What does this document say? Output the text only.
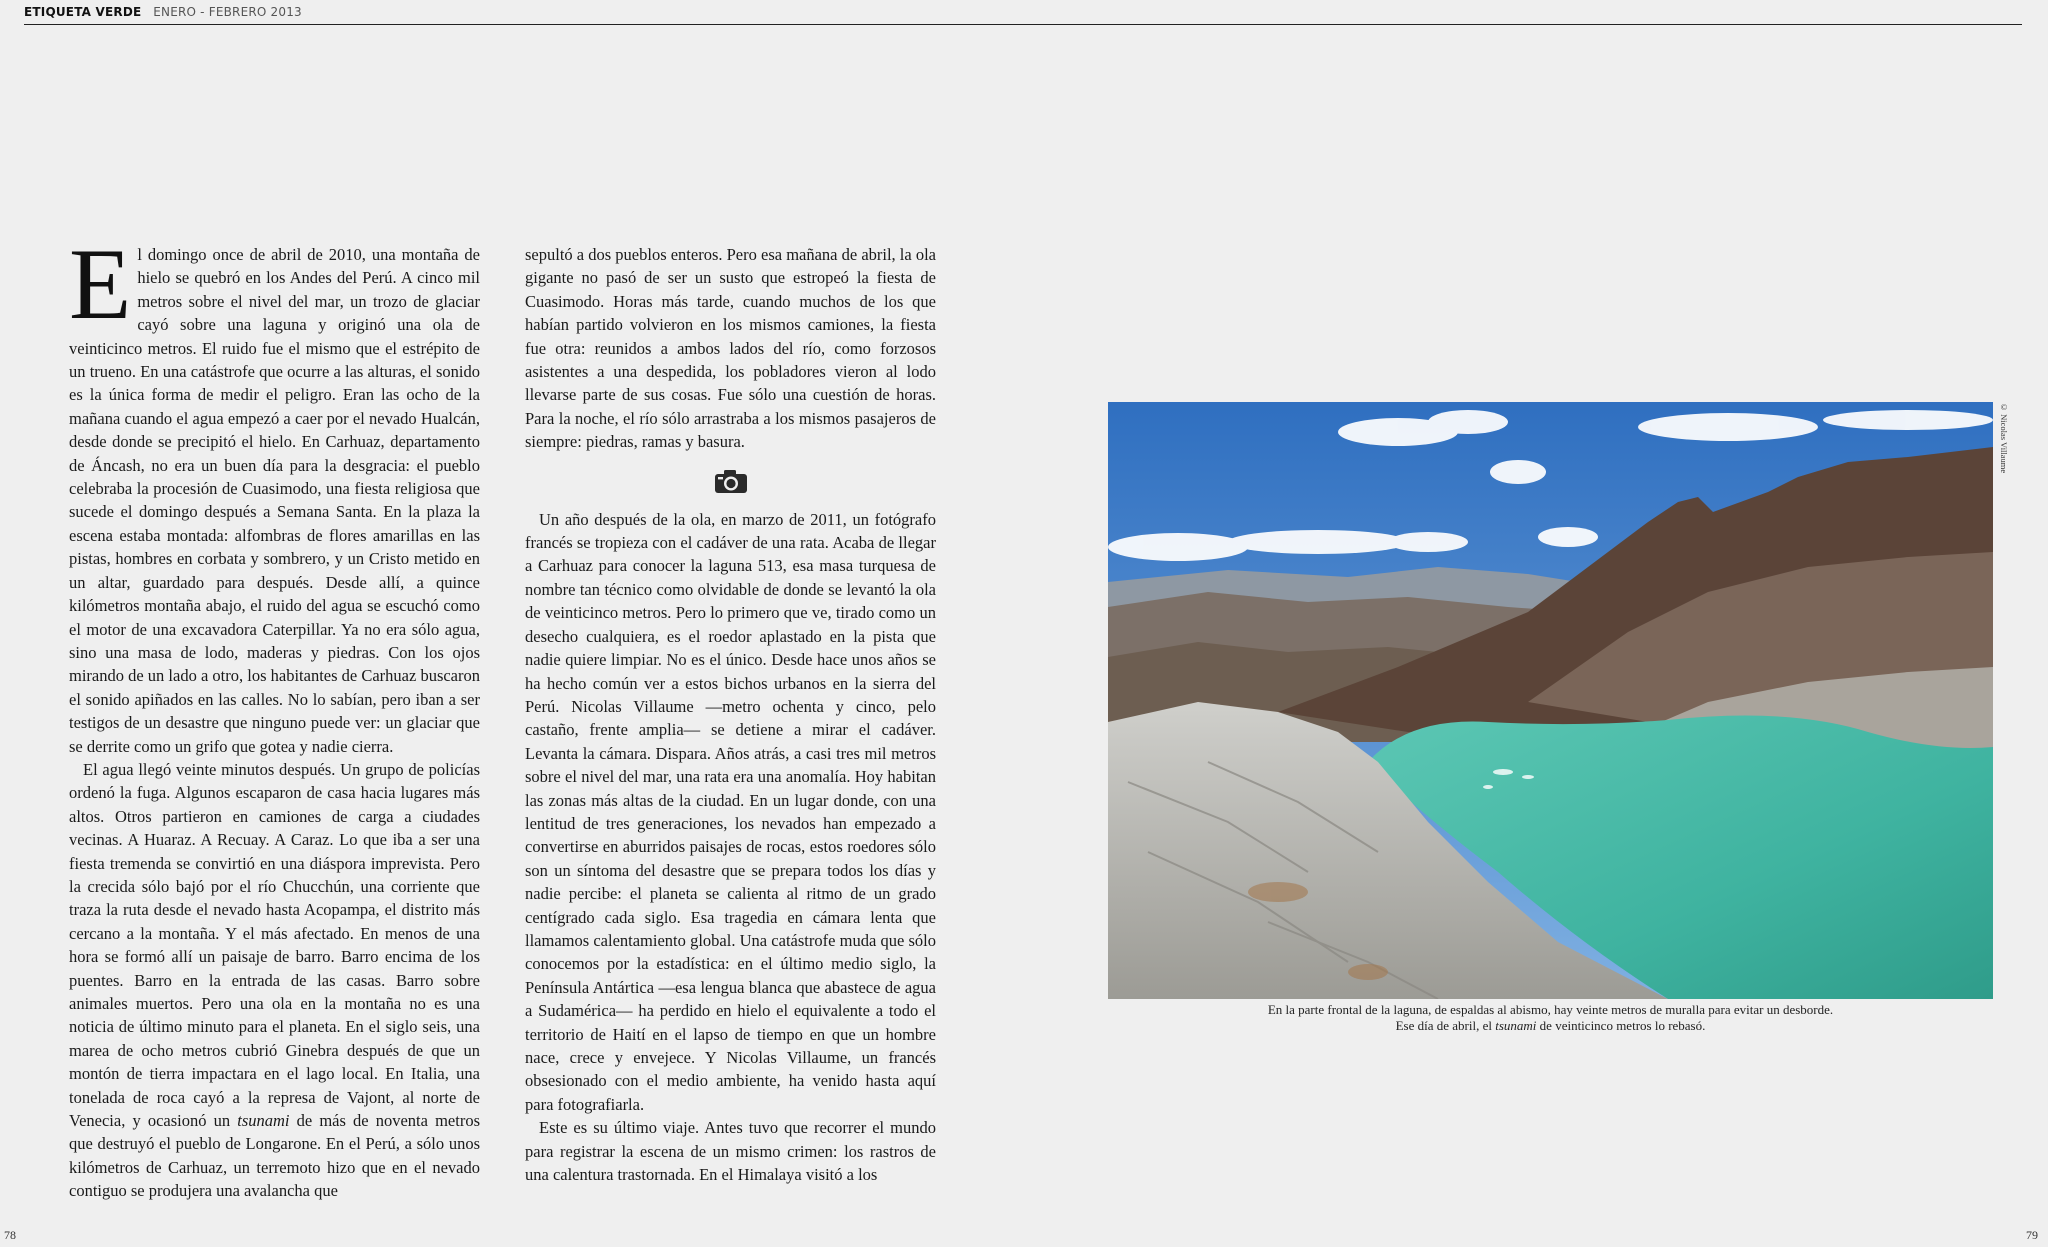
ETIQUETA VERDE ENERO - FEBRERO 2013

El domingo once de abril de 2010, una montaña de hielo se quebró en los Andes del Perú. A cinco mil metros sobre el nivel del mar, un trozo de glaciar cayó sobre una laguna y originó una ola de veinticinco metros. El ruido fue el mismo que el estrépito de un trueno. En una catástrofe que ocurre a las alturas, el sonido es la única forma de medir el peligro. Eran las ocho de la mañana cuando el agua empezó a caer por el nevado Hualcán, desde donde se precipitó el hielo. En Carhuaz, departamento de Áncash, no era un buen día para la desgracia: el pueblo celebraba la procesión de Cuasimodo, una fiesta religiosa que sucede el domingo después a Semana Santa. En la plaza la escena estaba montada: alfombras de flores amarillas en las pistas, hombres en corbata y sombrero, y un Cristo metido en un altar, guardado para después. Desde allí, a quince kilómetros montaña abajo, el ruido del agua se escuchó como el motor de una excavadora Caterpillar. Ya no era sólo agua, sino una masa de lodo, maderas y piedras. Con los ojos mirando de un lado a otro, los habitantes de Carhuaz buscaron el sonido apiñados en las calles. No lo sabían, pero iban a ser testigos de un desastre que ninguno puede ver: un glaciar que se derrite como un grifo que gotea y nadie cierra.

El agua llegó veinte minutos después. Un grupo de policías ordenó la fuga. Algunos escaparon de casa hacia lugares más altos. Otros partieron en camiones de carga a ciudades vecinas. A Huaraz. A Recuay. A Caraz. Lo que iba a ser una fiesta tremenda se convirtió en una diáspora imprevista. Pero la crecida sólo bajó por el río Chucchún, una corriente que traza la ruta desde el nevado hasta Acopampa, el distrito más cercano a la montaña. Y el más afectado. En menos de una hora se formó allí un paisaje de barro. Barro encima de los puentes. Barro en la entrada de las casas. Barro sobre animales muertos. Pero una ola en la montaña no es una noticia de último minuto para el planeta. En el siglo seis, una marea de ocho metros cubrió Ginebra después de que un montón de tierra impactara en el lago local. En Italia, una tonelada de roca cayó a la represa de Vajont, al norte de Venecia, y ocasionó un tsunami de más de noventa metros que destruyó el pueblo de Longarone. En el Perú, a sólo unos kilómetros de Carhuaz, un terremoto hizo que en el nevado contiguo se produjera una avalancha que

sepultó a dos pueblos enteros. Pero esa mañana de abril, la ola gigante no pasó de ser un susto que estropeó la fiesta de Cuasimodo. Horas más tarde, cuando muchos de los que habían partido volvieron en los mismos camiones, la fiesta fue otra: reunidos a ambos lados del río, como forzosos asistentes a una despedida, los pobladores vieron al lodo llevarse parte de sus cosas. Fue sólo una cuestión de horas. Para la noche, el río sólo arrastraba a los mismos pasajeros de siempre: piedras, ramas y basura.

Un año después de la ola, en marzo de 2011, un fotógrafo francés se tropieza con el cadáver de una rata. Acaba de llegar a Carhuaz para conocer la laguna 513, esa masa turquesa de nombre tan técnico como olvidable de donde se levantó la ola de veinticinco metros. Pero lo primero que ve, tirado como un desecho cualquiera, es el roedor aplastado en la pista que nadie quiere limpiar. No es el único. Desde hace unos años se ha hecho común ver a estos bichos urbanos en la sierra del Perú. Nicolas Villaume —metro ochenta y cinco, pelo castaño, frente amplia— se detiene a mirar el cadáver. Levanta la cámara. Dispara. Años atrás, a casi tres mil metros sobre el nivel del mar, una rata era una anomalía. Hoy habitan las zonas más altas de la ciudad. En un lugar donde, con una lentitud de tres generaciones, los nevados han empezado a convertirse en aburridos paisajes de rocas, estos roedores sólo son un síntoma del desastre que se prepara todos los días y nadie percibe: el planeta se calienta al ritmo de un grado centígrado cada siglo. Esa tragedia en cámara lenta que llamamos calentamiento global. Una catástrofe muda que sólo conocemos por la estadística: en el último medio siglo, la Península Antártica —esa lengua blanca que abastece de agua a Sudamérica— ha perdido en hielo el equivalente a todo el territorio de Haití en el lapso de tiempo en que un hombre nace, crece y envejece. Y Nicolas Villaume, un francés obsesionado con el medio ambiente, ha venido hasta aquí para fotografiarla.

Este es su último viaje. Antes tuvo que recorrer el mundo para registrar la escena de un mismo crimen: los rastros de una calentura trastornada. En el Himalaya visitó a los

© Nicolas Villaume

En la parte frontal de la laguna, de espaldas al abismo, hay veinte metros de muralla para evitar un desborde.

Ese día de abril, el tsunami de veinticinco metros lo rebasó.

78	79
